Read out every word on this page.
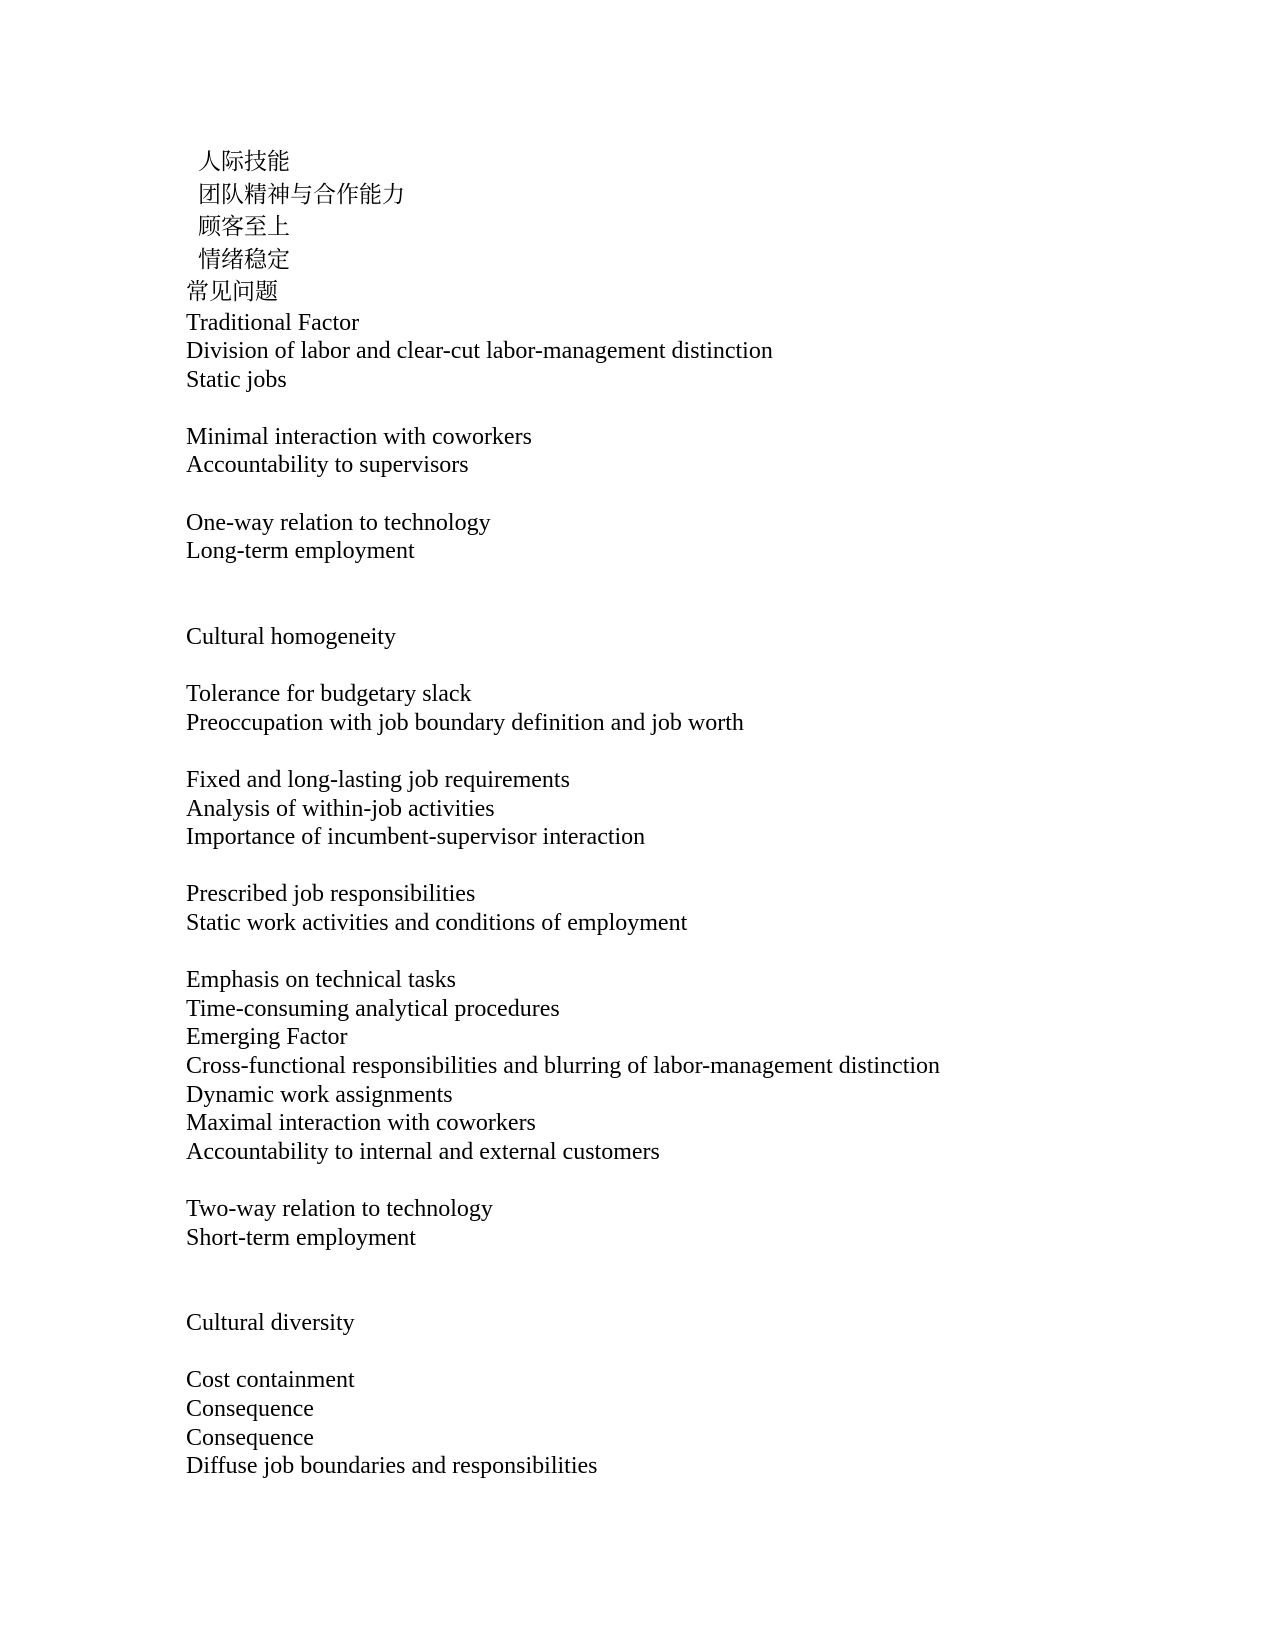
人际技能
团队精神与合作能力
顾客至上
情绪稳定
常见问题
Traditional Factor
Division of labor and clear-cut labor-management distinction
Static jobs
Minimal interaction with coworkers
Accountability to supervisors
One-way relation to technology
Long-term employment
Cultural homogeneity
Tolerance for budgetary slack
Preoccupation with job boundary definition and job worth
Fixed and long-lasting job requirements
Analysis of within-job activities
Importance of incumbent-supervisor interaction
Prescribed job responsibilities
Static work activities and conditions of employment
Emphasis on technical tasks
Time-consuming analytical procedures
Emerging Factor
Cross-functional responsibilities and blurring of labor-management distinction
Dynamic work assignments
Maximal interaction with coworkers
Accountability to internal and external customers
Two-way relation to technology
Short-term employment
Cultural diversity
Cost containment
Consequence
Consequence
Diffuse job boundaries and responsibilities
